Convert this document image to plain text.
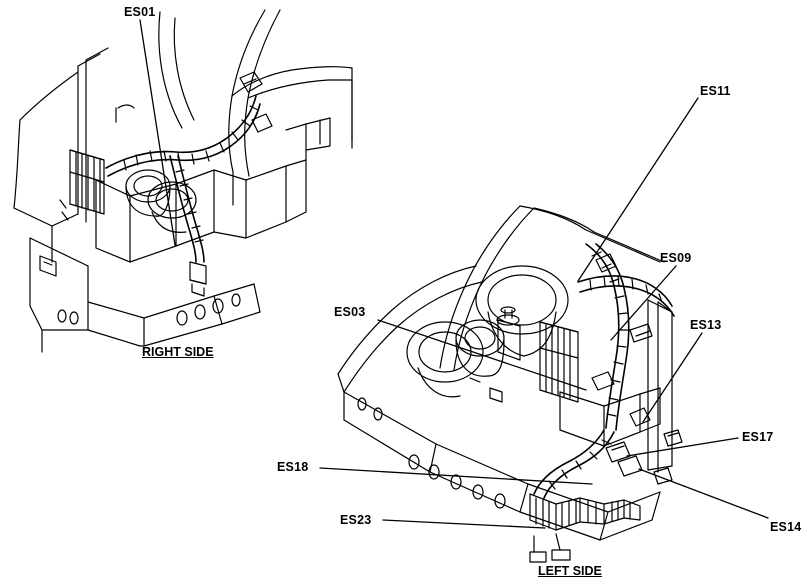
ES01
ES11
ES09
ES03
ES13
ES17
ES18
ES23	ES14
RIGHT SIDE
LEFT SIDE
